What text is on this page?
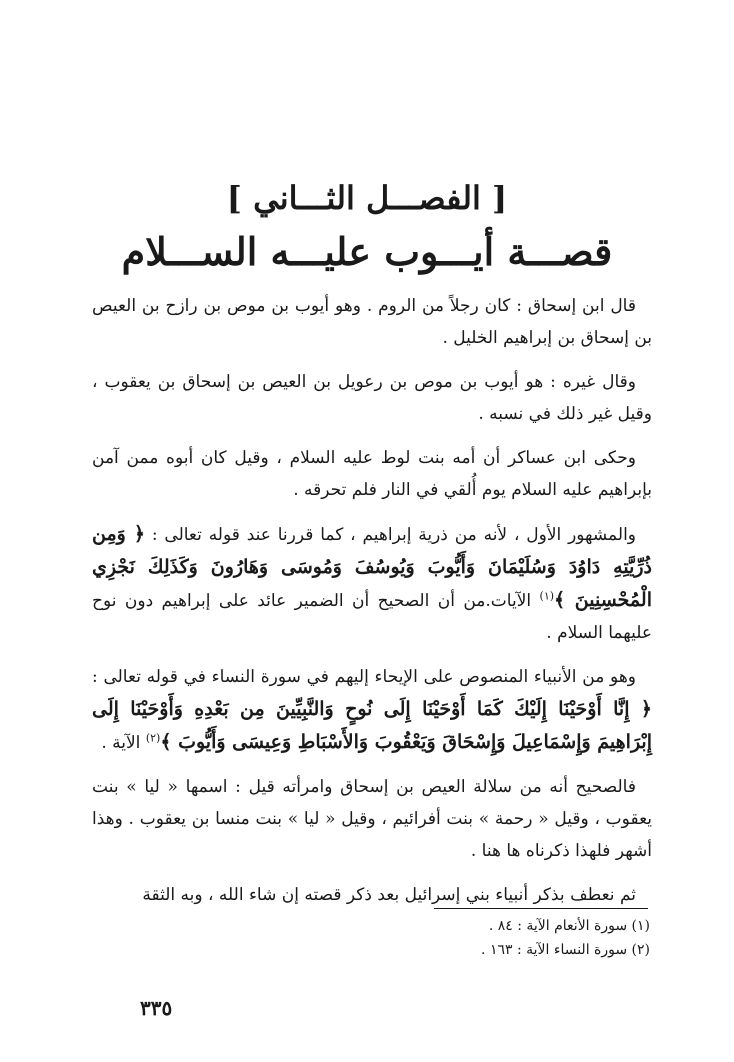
[ الفصـــل الثـــاني ]
قصـــة أيـــوب عليـــه الســـلام

قال ابن إسحاق : كان رجلاً من الروم . وهو أيوب بن موص بن رازح بن العيص بن إسحاق بن إبراهيم الخليل .

وقال غيره : هو أيوب بن موص بن رعويل بن العيص بن إسحاق بن يعقوب ، وقيل غير ذلك في نسبه .

وحكى ابن عساكر أن أمه بنت لوط عليه السلام ، وقيل كان أبوه ممن آمن بإبراهيم عليه السلام يوم أُلقي في النار فلم تحرقه .

والمشهور الأول ، لأنه من ذرية إبراهيم ، كما قررنا عند قوله تعالى : ﴿ وَمِن ذُرِّيَّتِهِ دَاوُدَ وَسُلَيْمَانَ وَأَيُّوبَ وَيُوسُفَ وَمُوسَى وَهَارُونَ وَكَذَلِكَ نَجْزِي الْمُحْسِنِينَ ﴾$^{(١)}$ الآيات.من أن الصحيح أن الضمير عائد على إبراهيم دون نوح عليهما السلام .

وهو من الأنبياء المنصوص على الإيحاء إليهم في سورة النساء في قوله تعالى : ﴿ إِنَّا أَوْحَيْنَا إِلَيْكَ كَمَا أَوْحَيْنَا إِلَى نُوحٍ وَالنَّبِيِّينَ مِن بَعْدِهِ وَأَوْحَيْنَا إِلَى إِبْرَاهِيمَ وَإِسْمَاعِيلَ وَإِسْحَاقَ وَيَعْقُوبَ وَالأَسْبَاطِ وَعِيسَى وَأَيُّوبَ ﴾$^{(٢)}$ الآية .

فالصحيح أنه من سلالة العيص بن إسحاق وامرأته قيل : اسمها « ليا » بنت يعقوب ، وقيل « رحمة » بنت أفرائيم ، وقيل « ليا » بنت منسا بن يعقوب . وهذا أشهر فلهذا ذكرناه ها هنا .

ثم نعطف بذكر أنبياء بني إسرائيل بعد ذكر قصته إن شاء الله ، وبه الثقة

(١) سورة الأنعام الآية : ٨٤ .

(٢) سورة النساء الآية : ١٦٣ .

٣٣٥
